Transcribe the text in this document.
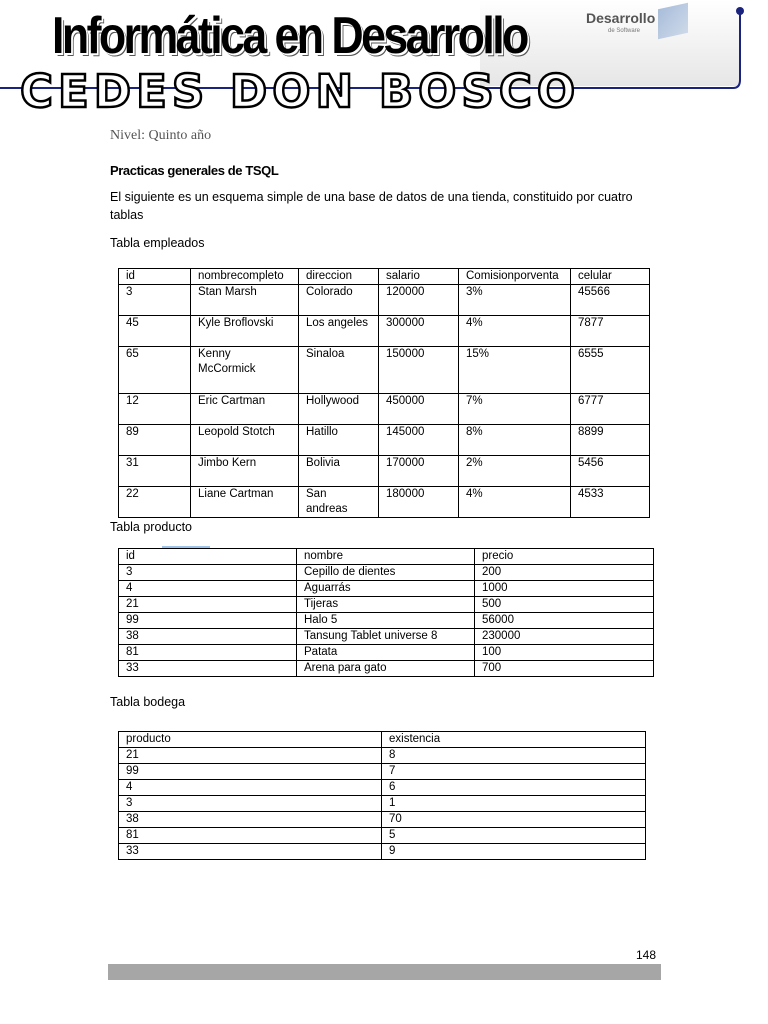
Informática en Desarrollo
CEDES DON BOSCO
Desarrollo
de Software
Nivel: Quinto año
Practicas generales de TSQL
El siguiente es un esquema simple de una base de datos de una tienda, constituido por cuatro tablas
Tabla empleados
id	nombrecompleto	direccion	salario	Comisionporventa	celular
3	Stan Marsh	Colorado	120000	3%	45566
45	Kyle Broflovski	Los angeles	300000	4%	7877
65	Kenny McCormick	Sinaloa	150000	15%	6555
12	Eric Cartman	Hollywood	450000	7%	6777
89	Leopold Stotch	Hatillo	145000	8%	8899
31	Jimbo Kern	Bolivia	170000	2%	5456
22	Liane Cartman	San andreas	180000	4%	4533
Tabla producto
id	nombre	precio
3	Cepillo de dientes	200
4	Aguarrás	1000
21	Tijeras	500
99	Halo 5	56000
38	Tansung Tablet universe 8	230000
81	Patata	100
33	Arena para gato	700
Tabla bodega
producto	existencia
21	8
99	7
4	6
3	1
38	70
81	5
33	9
148
